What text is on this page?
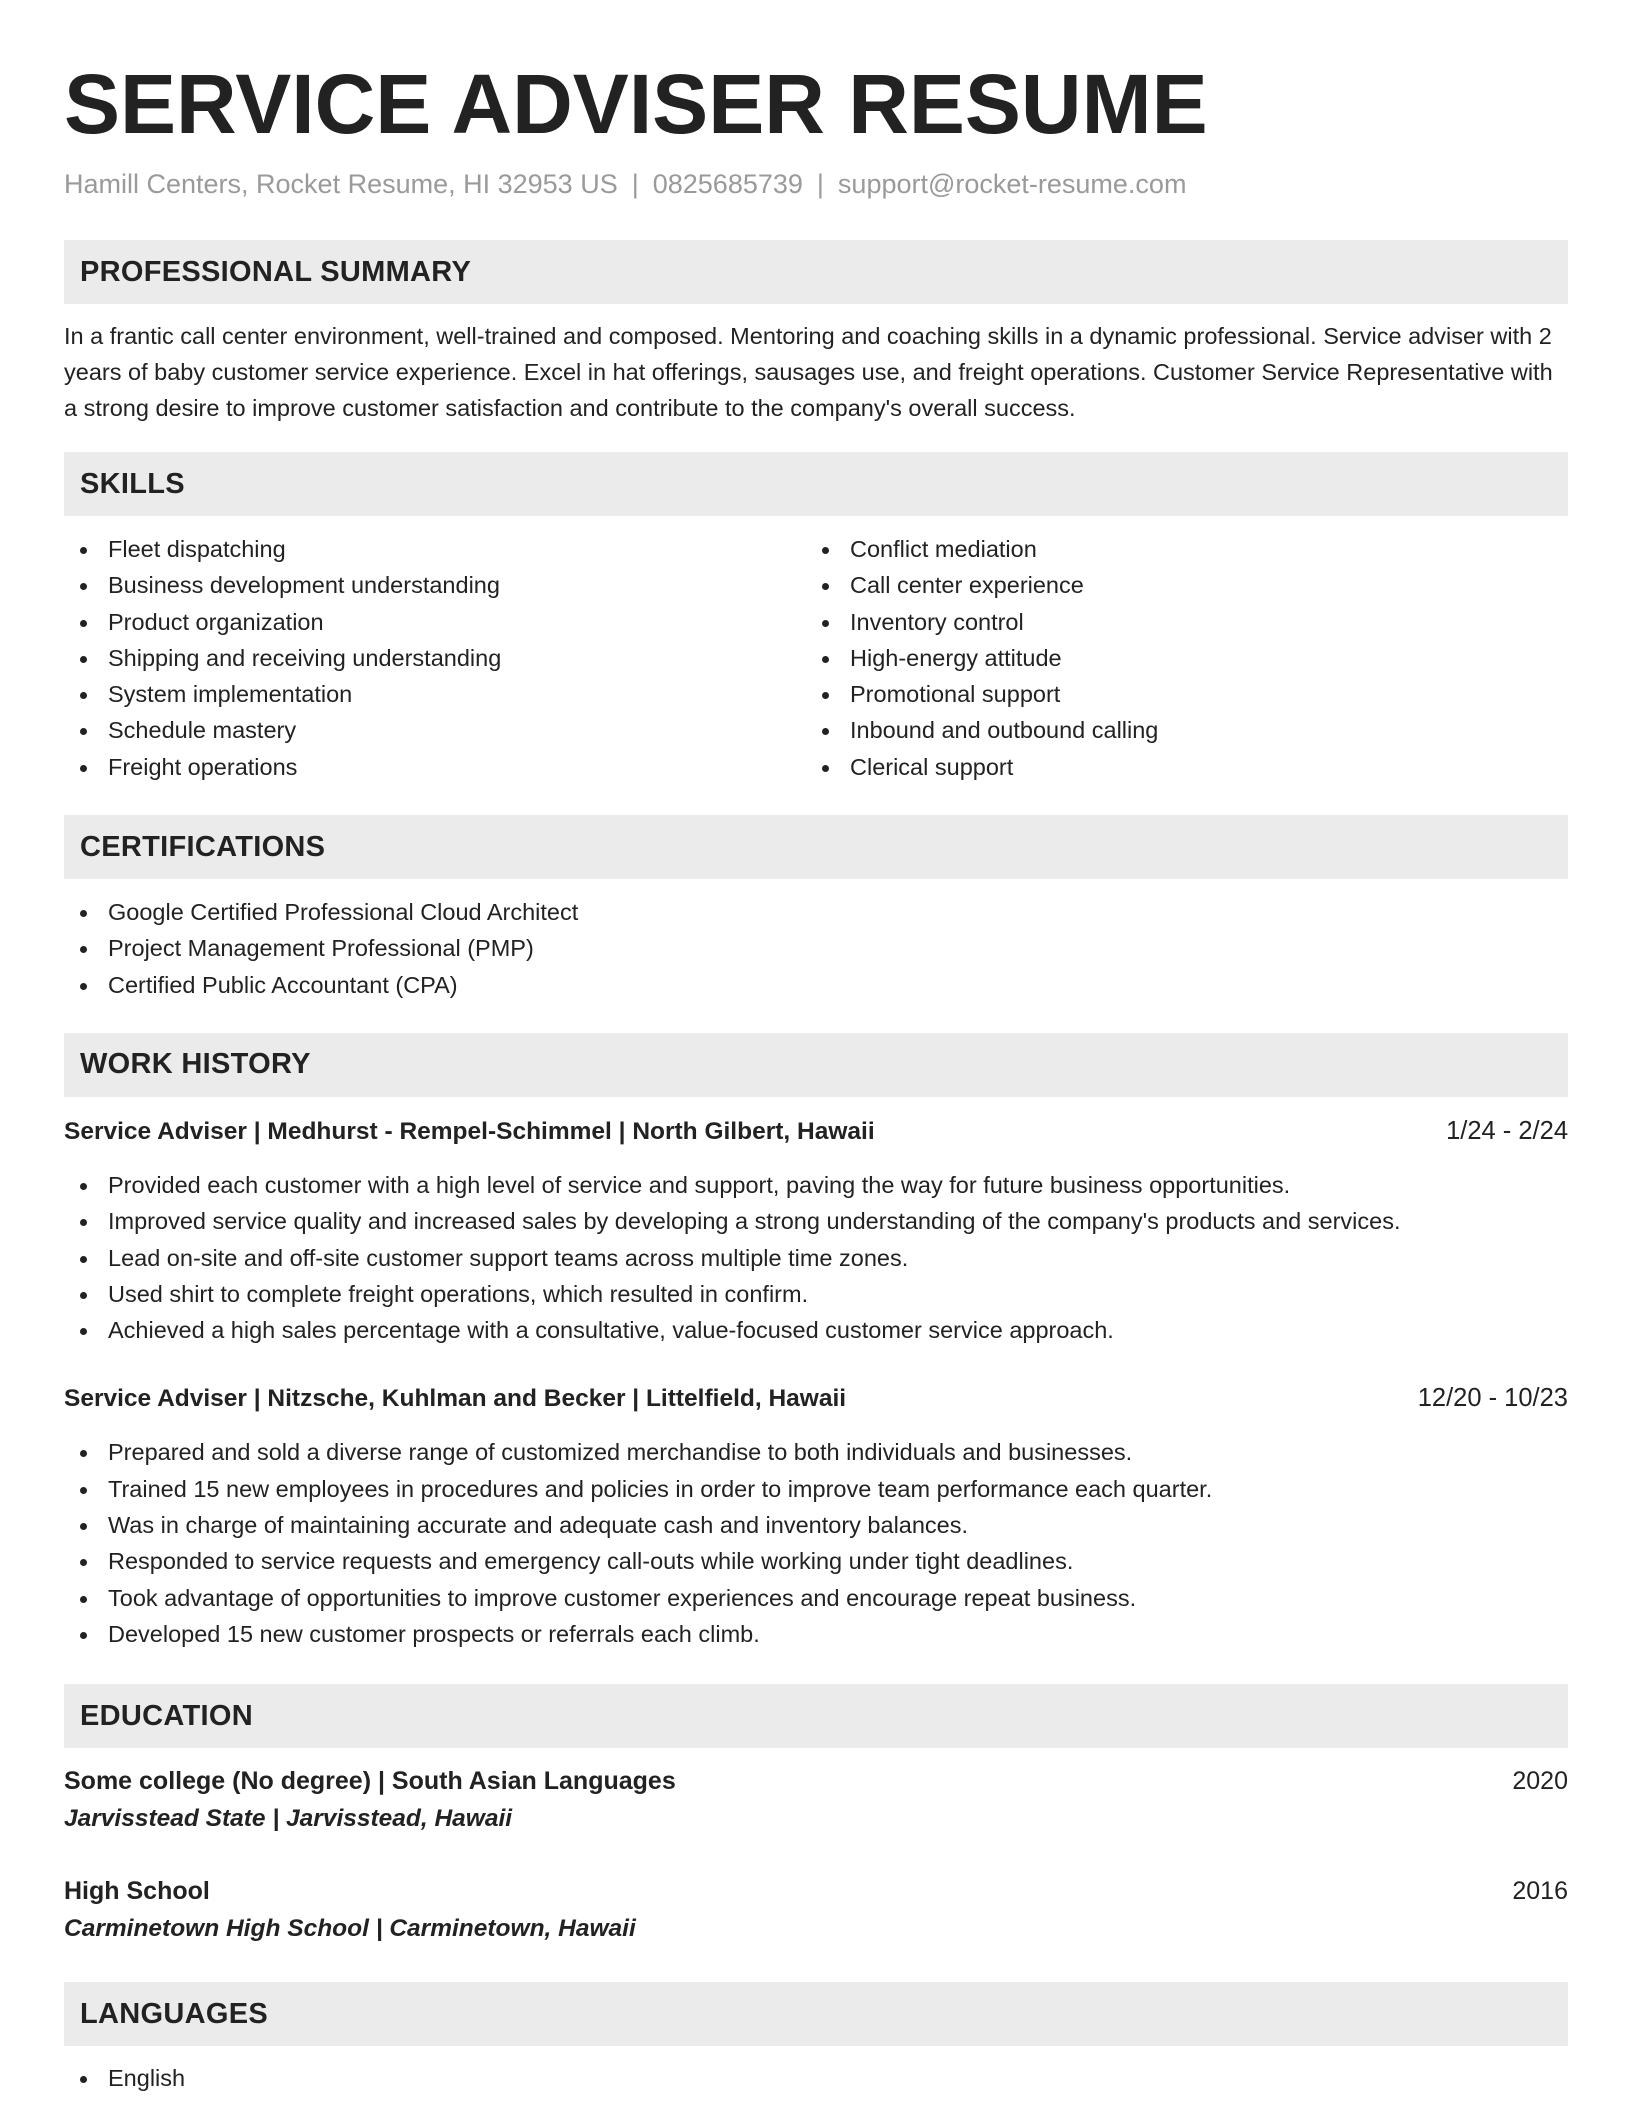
SERVICE ADVISER RESUME
Hamill Centers, Rocket Resume, HI 32953 US | 0825685739 | support@rocket-resume.com
PROFESSIONAL SUMMARY

In a frantic call center environment, well-trained and composed. Mentoring and coaching skills in a dynamic professional. Service adviser with 2 years of baby customer service experience. Excel in hat offerings, sausages use, and freight operations. Customer Service Representative with a strong desire to improve customer satisfaction and contribute to the company's overall success.

SKILLS
Fleet dispatching
Business development understanding
Product organization
Shipping and receiving understanding
System implementation
Schedule mastery
Freight operations
Conflict mediation
Call center experience
Inventory control
High-energy attitude
Promotional support
Inbound and outbound calling
Clerical support
CERTIFICATIONS
Google Certified Professional Cloud Architect
Project Management Professional (PMP)
Certified Public Accountant (CPA)
WORK HISTORY
Service Adviser | Medhurst - Rempel-Schimmel | North Gilbert, Hawaii	1/24 - 2/24
Provided each customer with a high level of service and support, paving the way for future business opportunities.
Improved service quality and increased sales by developing a strong understanding of the company's products and services.
Lead on-site and off-site customer support teams across multiple time zones.
Used shirt to complete freight operations, which resulted in confirm.
Achieved a high sales percentage with a consultative, value-focused customer service approach.
Service Adviser | Nitzsche, Kuhlman and Becker | Littelfield, Hawaii	12/20 - 10/23
Prepared and sold a diverse range of customized merchandise to both individuals and businesses.
Trained 15 new employees in procedures and policies in order to improve team performance each quarter.
Was in charge of maintaining accurate and adequate cash and inventory balances.
Responded to service requests and emergency call-outs while working under tight deadlines.
Took advantage of opportunities to improve customer experiences and encourage repeat business.
Developed 15 new customer prospects or referrals each climb.
EDUCATION
Some college (No degree) | South Asian Languages	2020
Jarvisstead State | Jarvisstead, Hawaii
High School	2016
Carminetown High School | Carminetown, Hawaii
LANGUAGES
English
